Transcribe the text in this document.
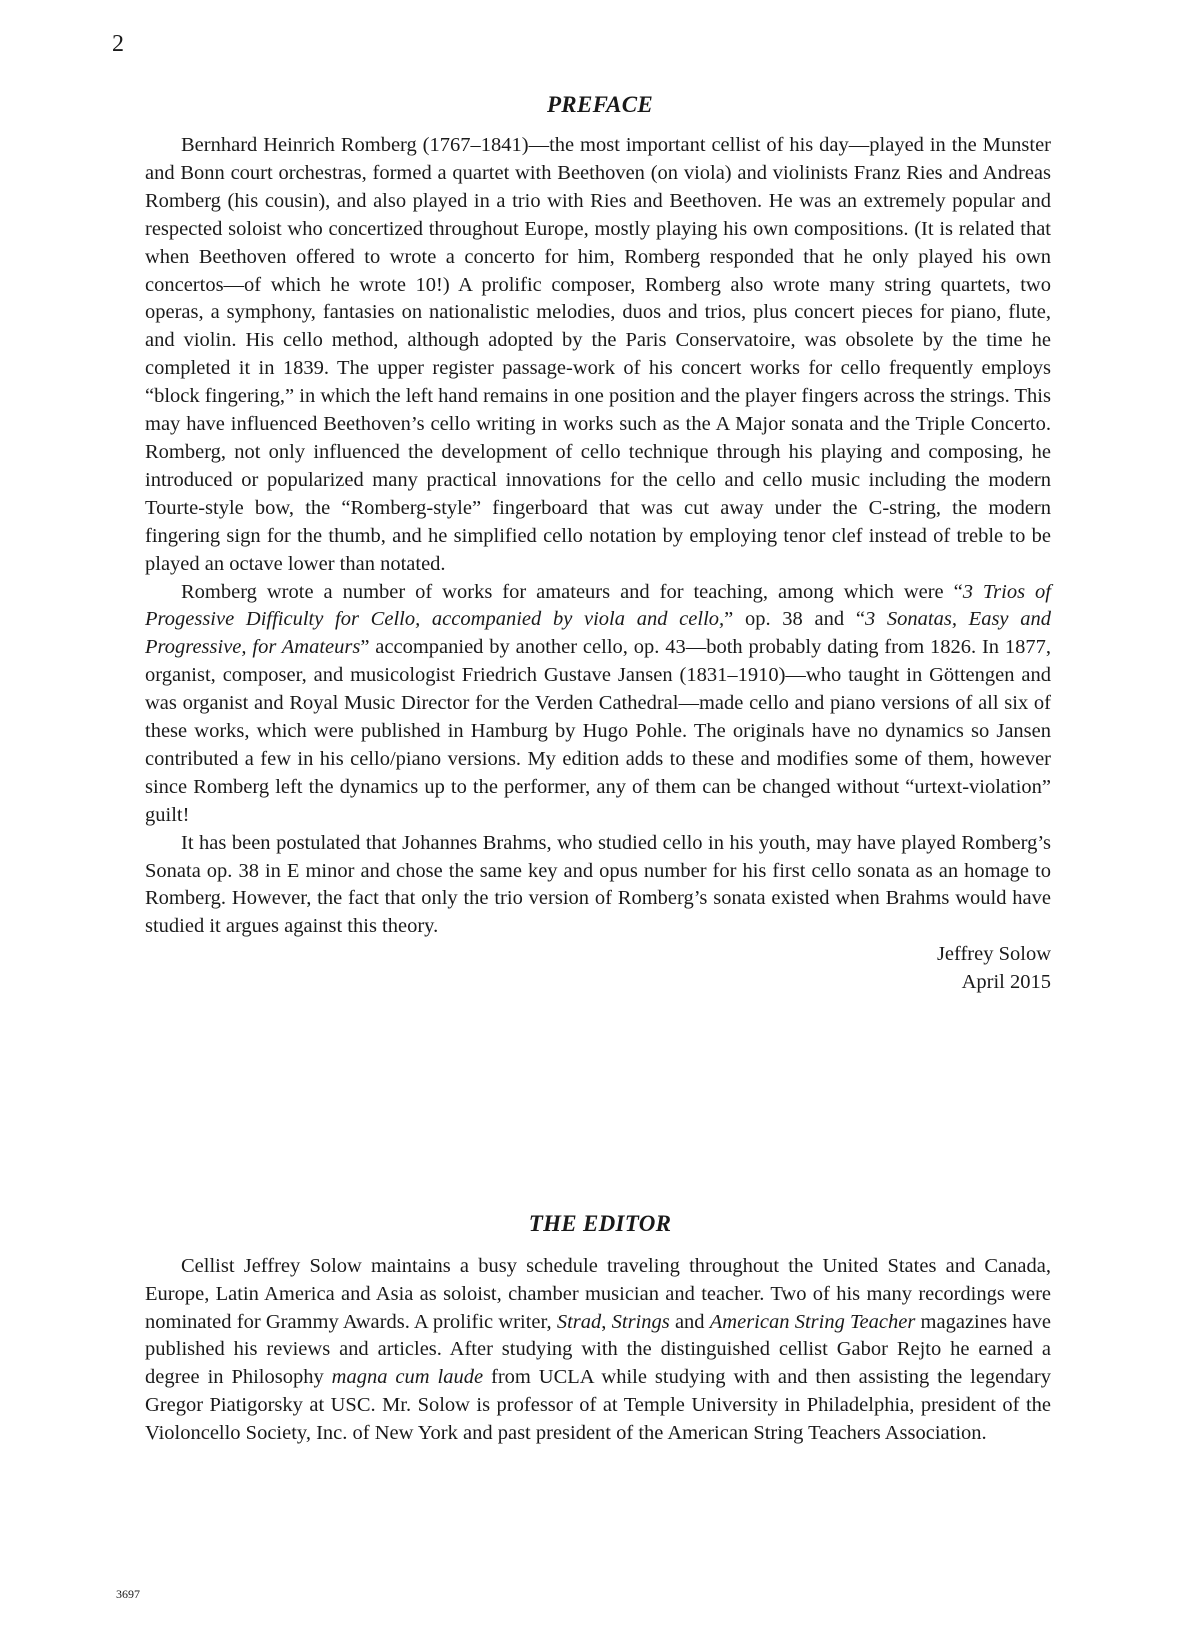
2
PREFACE

Bernhard Heinrich Romberg (1767–1841)—the most important cellist of his day—played in the Munster and Bonn court orchestras, formed a quartet with Beethoven (on viola) and violinists Franz Ries and Andreas Romberg (his cousin), and also played in a trio with Ries and Beethoven. He was an extremely popular and respected soloist who concertized throughout Europe, mostly playing his own compositions. (It is related that when Beethoven offered to wrote a concerto for him, Romberg responded that he only played his own concertos—of which he wrote 10!) A prolific composer, Romberg also wrote many string quartets, two operas, a symphony, fantasies on nationalistic melodies, duos and trios, plus concert pieces for piano, flute, and violin. His cello method, although adopted by the Paris Conservatoire, was obsolete by the time he completed it in 1839. The upper register passage-work of his concert works for cello frequently employs “block fingering,” in which the left hand remains in one position and the player fingers across the strings. This may have influenced Beethoven’s cello writing in works such as the A Major sonata and the Triple Concerto. Romberg, not only influenced the development of cello technique through his playing and composing, he introduced or popularized many practical innovations for the cello and cello music including the modern Tourte-style bow, the “Romberg-style” fingerboard that was cut away under the C-string, the modern fingering sign for the thumb, and he simplified cello notation by employing tenor clef instead of treble to be played an octave lower than notated.

Romberg wrote a number of works for amateurs and for teaching, among which were “3 Trios of Progessive Difficulty for Cello, accompanied by viola and cello,” op. 38 and “3 Sonatas, Easy and Progressive, for Amateurs” accompanied by another cello, op. 43—both probably dating from 1826. In 1877, organist, composer, and musicologist Friedrich Gustave Jansen (1831–1910)—who taught in Göttengen and was organist and Royal Music Director for the Verden Cathedral—made cello and piano versions of all six of these works, which were published in Hamburg by Hugo Pohle. The originals have no dynamics so Jansen contributed a few in his cello/piano versions. My edition adds to these and modifies some of them, however since Romberg left the dynamics up to the performer, any of them can be changed without “urtext-violation” guilt!

It has been postulated that Johannes Brahms, who studied cello in his youth, may have played Romberg’s Sonata op. 38 in E minor and chose the same key and opus number for his first cello sonata as an homage to Romberg. However, the fact that only the trio version of Romberg’s sonata existed when Brahms would have studied it argues against this theory.

Jeffrey Solow

April 2015

THE EDITOR

Cellist Jeffrey Solow maintains a busy schedule traveling throughout the United States and Canada, Europe, Latin America and Asia as soloist, chamber musician and teacher. Two of his many recordings were nominated for Grammy Awards. A prolific writer, Strad, Strings and American String Teacher magazines have published his reviews and articles. After studying with the distinguished cellist Gabor Rejto he earned a degree in Philosophy magna cum laude from UCLA while studying with and then assisting the legendary Gregor Piatigorsky at USC. Mr. Solow is professor of at Temple University in Philadelphia, president of the Violoncello Society, Inc. of New York and past president of the American String Teachers Association.

3697
